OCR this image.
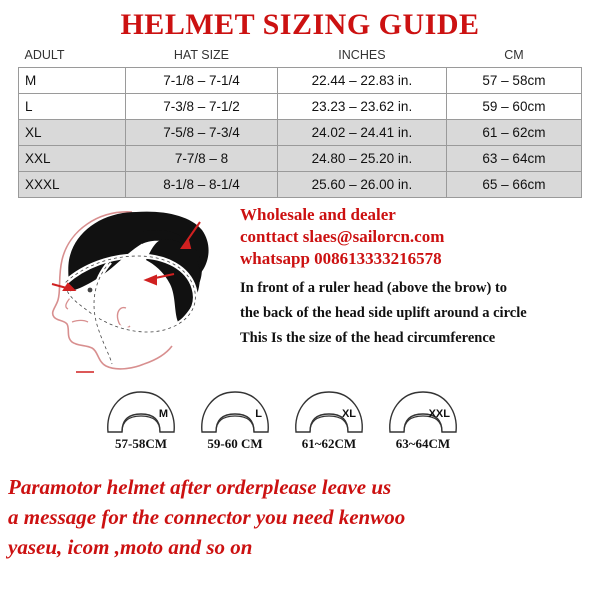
HELMET SIZING GUIDE
ADULT	HAT SIZE	INCHES	CM
M	7-1/8 – 7-1/4	22.44 – 22.83 in.	57 – 58cm
L	7-3/8 – 7-1/2	23.23 – 23.62 in.	59 – 60cm
XL	7-5/8 – 7-3/4	24.02 – 24.41 in.	61 – 62cm
XXL	7-7/8 – 8	24.80 – 25.20 in.	63 – 64cm
XXXL	8-1/8 – 8-1/4	25.60 – 26.00 in.	65 – 66cm
Wholesale and dealer
conttact slaes@sailorcn.com
whatsapp 008613333216578
In front of a ruler head (above the brow) to
the back of the head side uplift around a circle
This Is the size of the head circumference
M
57-58CM
L
59-60 CM
XL
61~62CM
XXL
63~64CM
Paramotor helmet after orderplease leave us
a message for the connector you need kenwoo
yaseu, icom ,moto and so on
